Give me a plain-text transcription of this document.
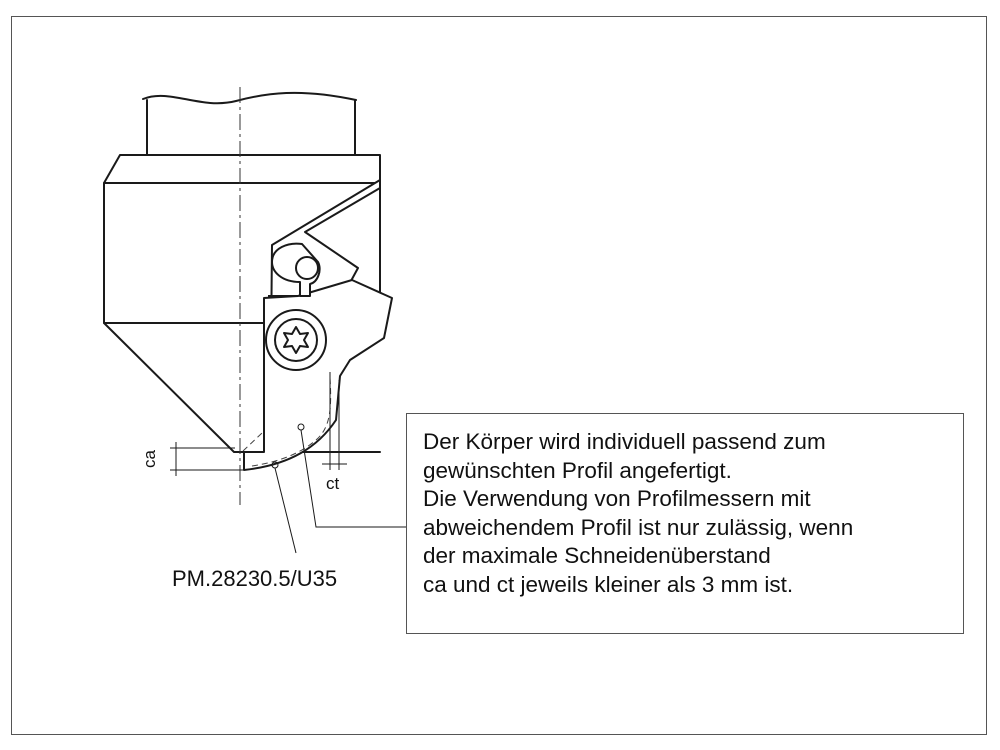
ca
ct
PM.28230.5/U35
Der Körper wird individuell passend zum
gewünschten Profil angefertigt.
Die Verwendung von Profilmessern mit
abweichendem Profil ist nur zulässig, wenn
der maximale Schneidenüberstand
ca und ct jeweils kleiner als 3 mm ist.
